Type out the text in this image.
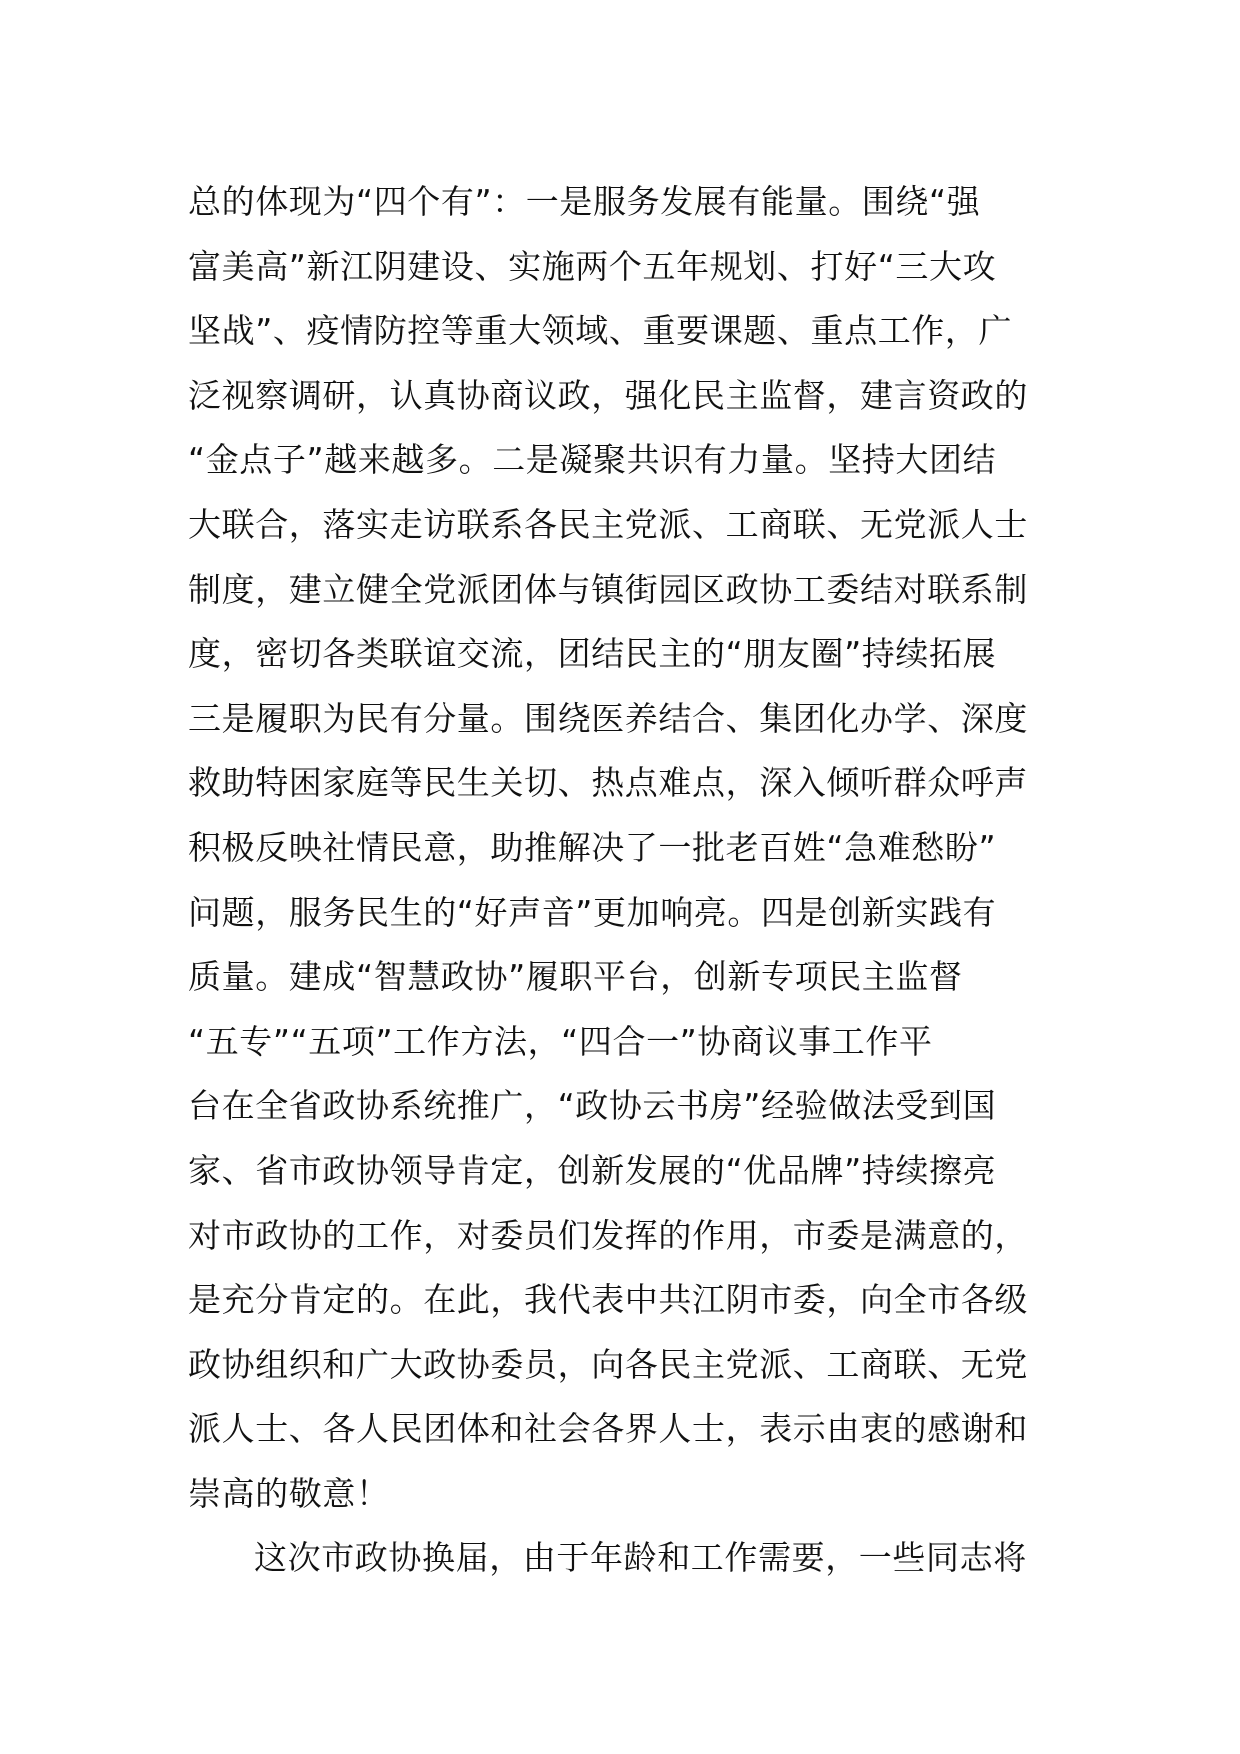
总的体现为“四个有”：一是服务发展有能量。围绕“强
富美高”新江阴建设、实施两个五年规划、打好“三大攻
坚战”、疫情防控等重大领域、重要课题、重点工作，广
泛视察调研，认真协商议政，强化民主监督，建言资政的
“金点子”越来越多。二是凝聚共识有力量。坚持大团结
大联合，落实走访联系各民主党派、工商联、无党派人士
制度，建立健全党派团体与镇街园区政协工委结对联系制
度，密切各类联谊交流，团结民主的“朋友圈”持续拓展
三是履职为民有分量。围绕医养结合、集团化办学、深度
救助特困家庭等民生关切、热点难点，深入倾听群众呼声
积极反映社情民意，助推解决了一批老百姓“急难愁盼”
问题，服务民生的“好声音”更加响亮。四是创新实践有
质量。建成“智慧政协”履职平台，创新专项民主监督
“五专”“五项”工作方法，“四合一”协商议事工作平
台在全省政协系统推广，“政协云书房”经验做法受到国
家、省市政协领导肯定，创新发展的“优品牌”持续擦亮
对市政协的工作，对委员们发挥的作用，市委是满意的，
是充分肯定的。在此，我代表中共江阴市委，向全市各级
政协组织和广大政协委员，向各民主党派、工商联、无党
派人士、各人民团体和社会各界人士，表示由衷的感谢和
崇高的敬意！
这次市政协换届，由于年龄和工作需要，一些同志将
